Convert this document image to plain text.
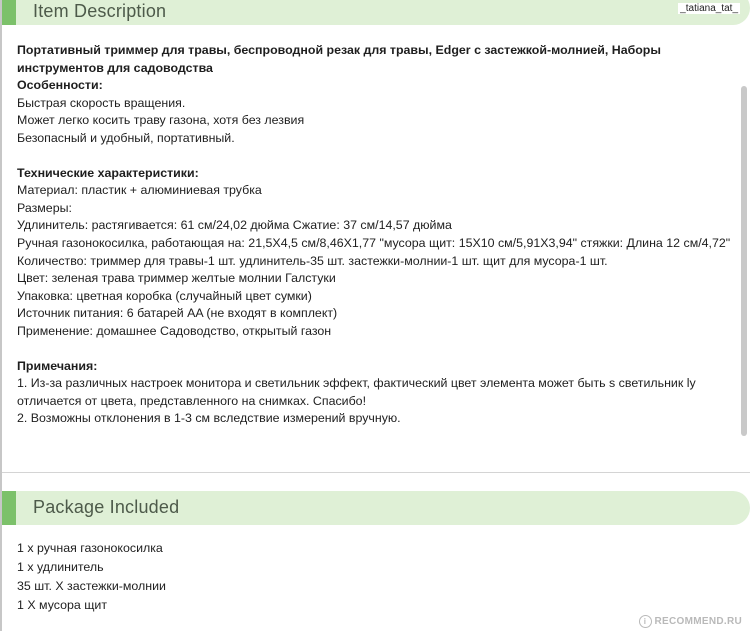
Item Description	_tatiana_tat_
Портативный триммер для травы, беспроводной резак для травы, Edger с застежкой-молнией, Наборы инструментов для садоводства
Особенности:
Быстрая скорость вращения.
Может легко косить траву газона, хотя без лезвия
Безопасный и удобный, портативный.
Технические характеристики:
Материал: пластик + алюминиевая трубка
Размеры:
Удлинитель: растягивается: 61 см/24,02 дюйма Сжатие: 37 см/14,57 дюйма
Ручная газонокосилка, работающая на: 21,5X4,5 см/8,46X1,77 "мусора щит: 15X10 см/5,91X3,94" стяжки: Длина 12 см/4,72"
Количество: триммер для травы-1 шт. удлинитель-35 шт. застежки-молнии-1 шт. щит для мусора-1 шт.
Цвет: зеленая трава триммер желтые молнии Галстуки
Упаковка: цветная коробка (случайный цвет сумки)
Источник питания: 6 батарей AA (не входят в комплект)
Применение: домашнее Садоводство, открытый газон
Примечания:
1. Из-за различных настроек монитора и светильник эффект, фактический цвет элемента может быть s светильник ly отличается от цвета, представленного на снимках. Спасибо!
2. Возможны отклонения в 1-3 см вследствие измерений вручную.
Package Included
1 x ручная газонокосилка
1 x удлинитель
35 шт. X застежки-молнии
1 X мусора щит
i RECOMMEND.RU
